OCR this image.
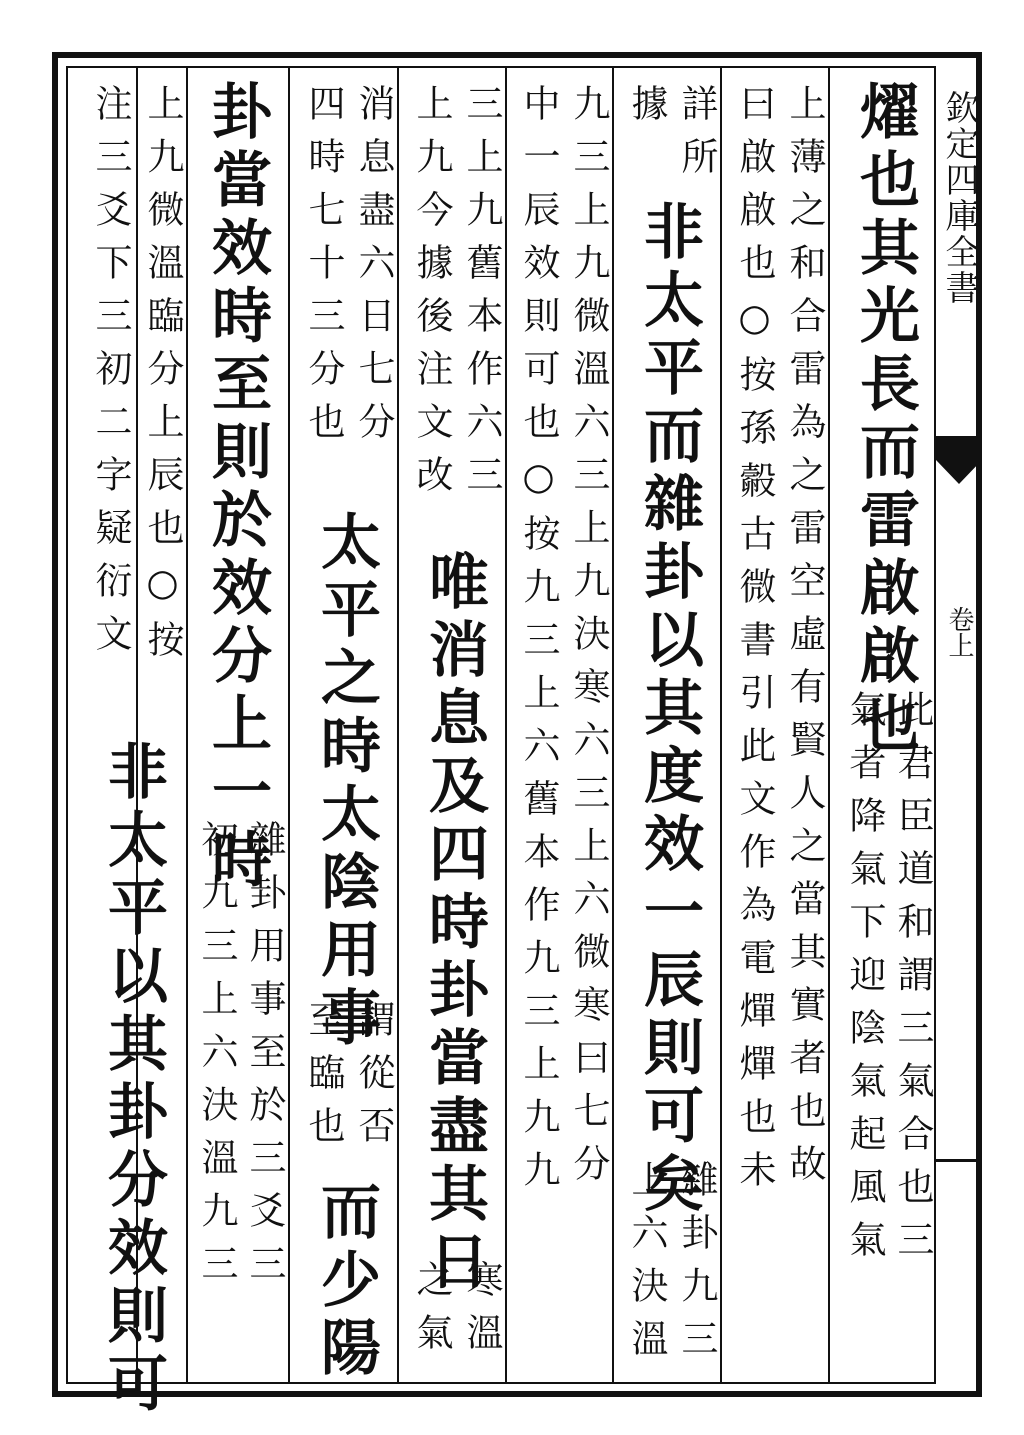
欽定四庫全書
卷上
燿也其光長而雷啟啟也
此君臣道和謂三氣合也三
氣者降氣下迎陰氣起風氣
上薄之和合雷為之雷空虛有賢人之當其實者也故
曰啟啟也○按孫㲉古微書引此文作為電燀燀也未
詳所
據
非太平而雜卦以其度效一辰則可矣
雜卦九三
上六決溫
九三上九微溫六三上九決寒六三上六微寒曰七分
中一辰效則可也○按九三上六舊本作九三上九九
三上九舊本作六三
上九今據後注文改
唯消息及四時卦當盡其日
寒溫
之氣
消息盡六日七分
四時七十三分也
太平之時太陰用事
謂從否
至臨也
而少陽
卦當效時至則於效分上一時
雜卦用事至於三爻三
初九三上六決溫九三
上九微溫臨分上辰也○按
注三爻下三初二字疑衍文
非太平以其卦分效則可
